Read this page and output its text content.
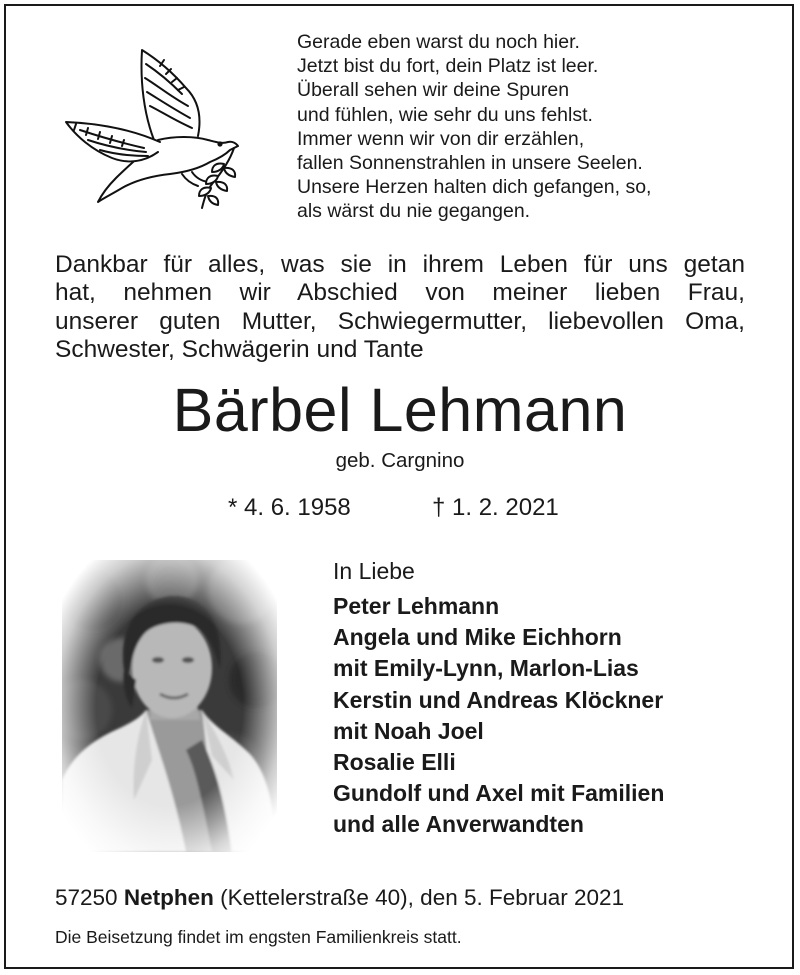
Gerade eben warst du noch hier.
Jetzt bist du fort, dein Platz ist leer.
Überall sehen wir deine Spuren
und fühlen, wie sehr du uns fehlst.
Immer wenn wir von dir erzählen,
fallen Sonnenstrahlen in unsere Seelen.
Unsere Herzen halten dich gefangen, so,
als wärst du nie gegangen.
Dankbar für alles, was sie in ihrem Leben für uns getan
hat, nehmen wir Abschied von meiner lieben Frau,
unserer guten Mutter, Schwiegermutter, liebevollen Oma,
Schwester, Schwägerin und Tante
Bärbel Lehmann
geb. Cargnino
* 4. 6. 1958	† 1. 2. 2021
In Liebe
Peter Lehmann
Angela und Mike Eichhorn
mit Emily-Lynn, Marlon-Lias
Kerstin und Andreas Klöckner
mit Noah Joel
Rosalie Elli
Gundolf und Axel mit Familien
und alle Anverwandten
57250 Netphen (Kettelerstraße 40), den 5. Februar 2021
Die Beisetzung findet im engsten Familienkreis statt.
